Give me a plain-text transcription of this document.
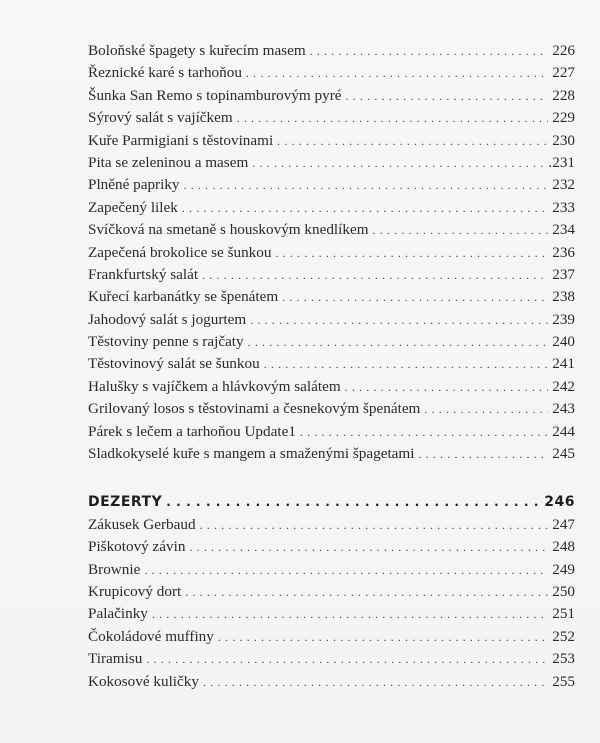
Boloňské špagety s kuřecím masem . . .	226
Řeznické karé s tarhoňou . . .	227
Šunka San Remo s topinamburovým pyré . . .	228
Sýrový salát s vajíčkem . . .	229
Kuře Parmigiani s těstovinami . . .	230
Pita se zeleninou a masem . . .	.231
Plněné papriky . . .	232
Zapečený lilek . . .	233
Svíčková na smetaně s houskovým knedlíkem . . .	234
Zapečená brokolice se šunkou . . .	236
Frankfurtský salát . . .	237
Kuřecí karbanátky se špenátem . . .	238
Jahodový salát s jogurtem . . .	239
Těstoviny penne s rajčaty . . .	240
Těstovinový salát se šunkou . . .	241
Halušky s vajíčkem a hlávkovým salátem . . .	242
Grilovaný losos s těstovinami a česnekovým špenátem . . .	243
Párek s lečem a tarhoňou Update1 . . .	244
Sladkokyselé kuře s mangem a smaženými špagetami . . .	245
DEZERTY . . .	246
Zákusek Gerbaud . . .	247
Piškotový závin . . .	248
Brownie . . .	249
Krupicový dort . . .	250
Palačinky . . .	251
Čokoládové muffiny . . .	252
Tiramisu . . .	253
Kokosové kuličky . . .	255
